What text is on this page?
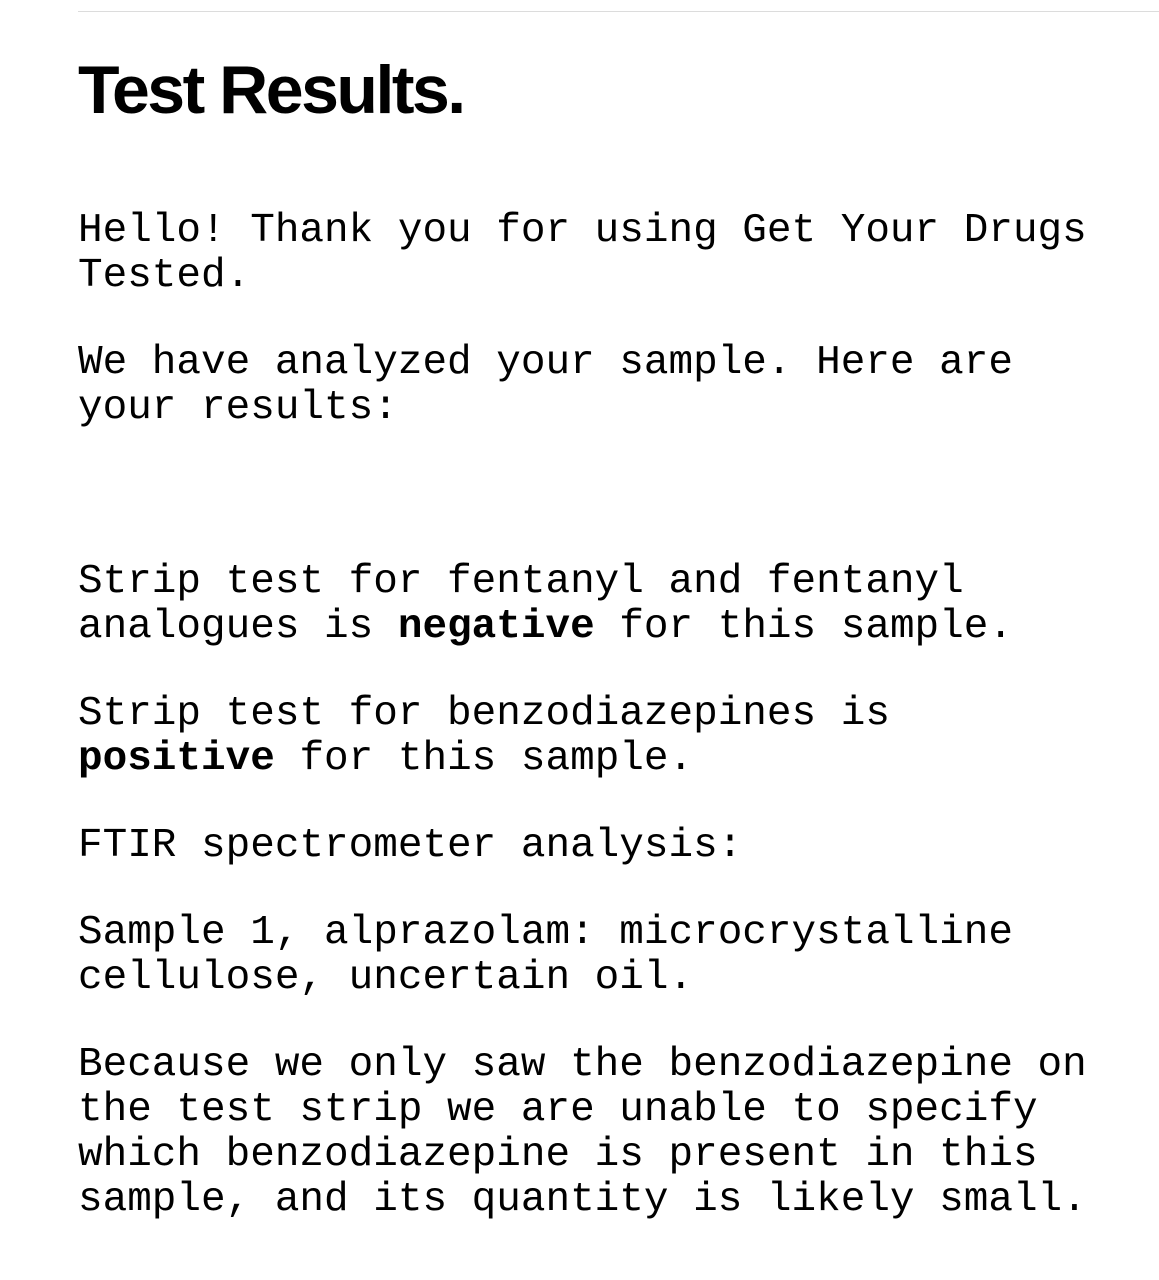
Test Results.

Hello! Thank you for using Get Your Drugs
Tested.

We have analyzed your sample. Here are
your results:

Strip test for fentanyl and fentanyl
analogues is negative for this sample.

Strip test for benzodiazepines is
positive for this sample.

FTIR spectrometer analysis:

Sample 1, alprazolam: microcrystalline
cellulose, uncertain oil.

Because we only saw the benzodiazepine on
the test strip we are unable to specify
which benzodiazepine is present in this
sample, and its quantity is likely small.
